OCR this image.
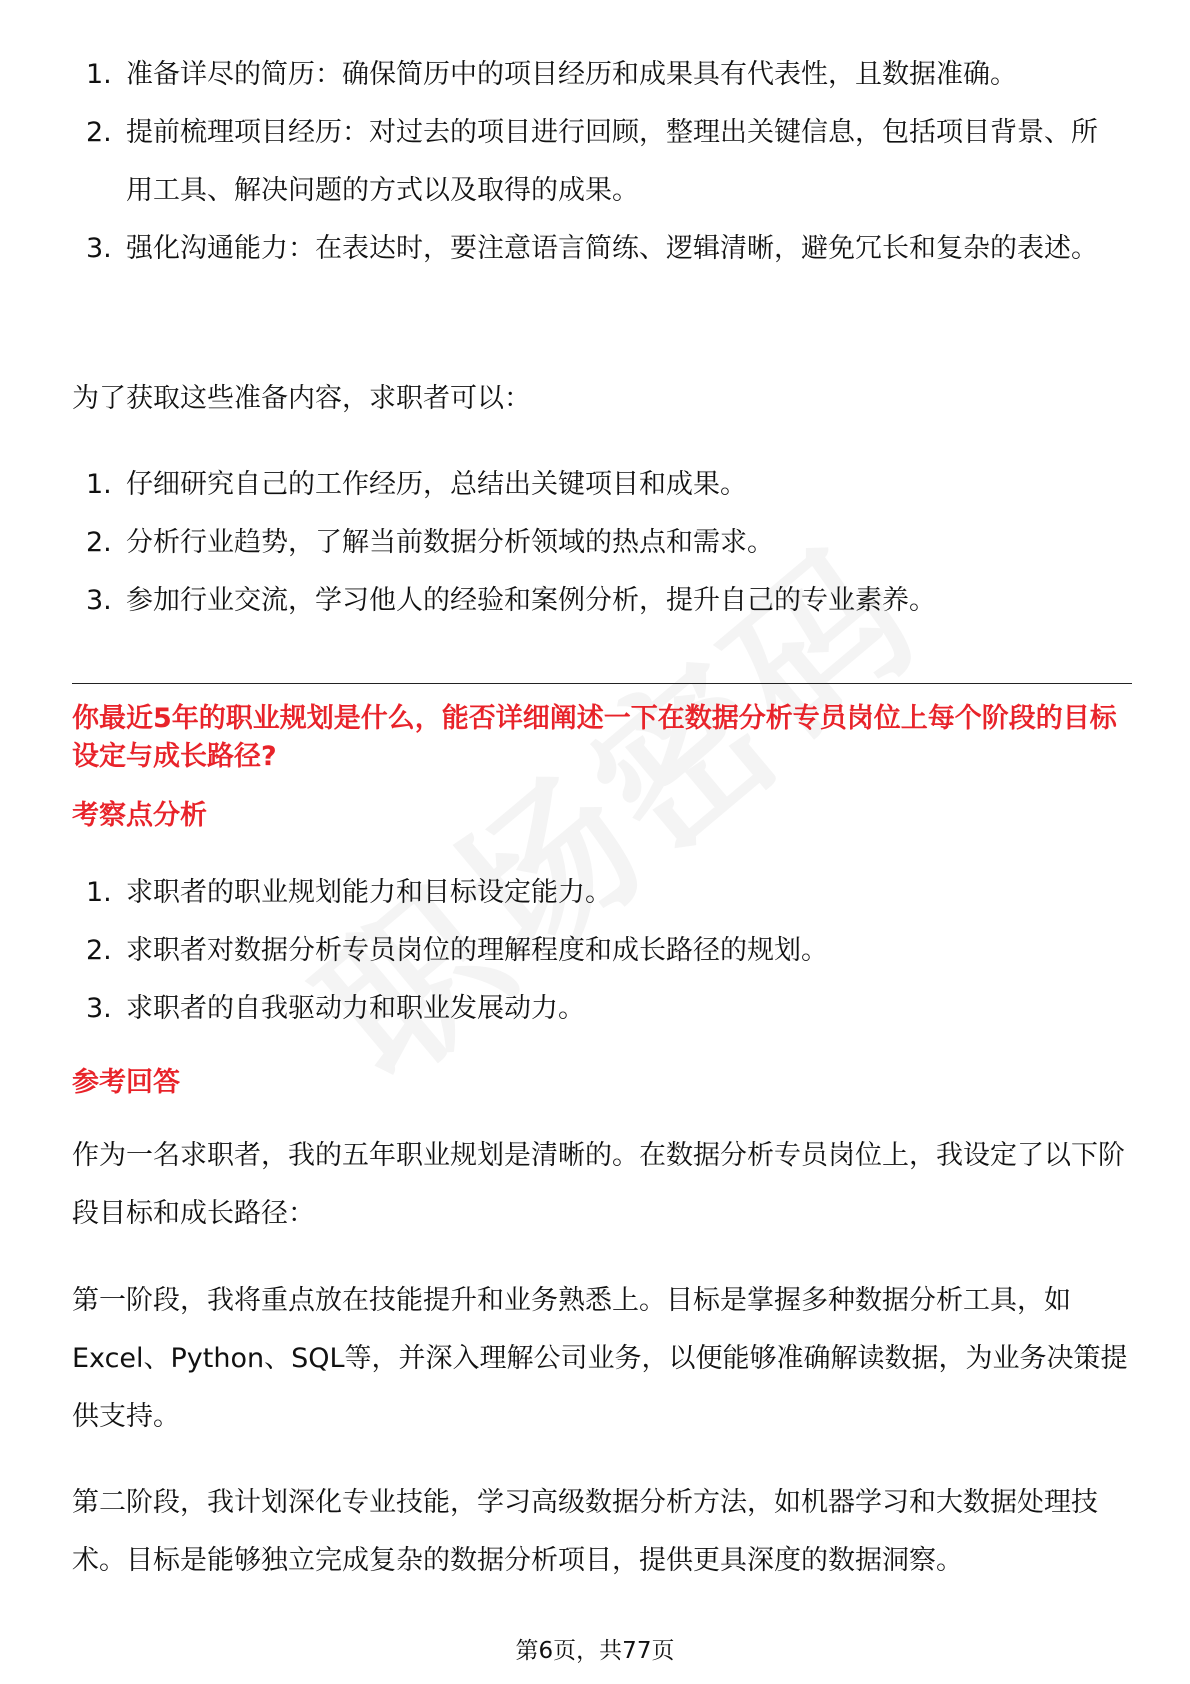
1. 准备详尽的简历：确保简历中的项目经历和成果具有代表性，且数据准确。
2. 提前梳理项目经历：对过去的项目进行回顾，整理出关键信息，包括项目背景、所用工具、解决问题的方式以及取得的成果。
3. 强化沟通能力：在表达时，要注意语言简练、逻辑清晰，避免冗长和复杂的表述。

为了获取这些准备内容，求职者可以：

1. 仔细研究自己的工作经历，总结出关键项目和成果。
2. 分析行业趋势，了解当前数据分析领域的热点和需求。
3. 参加行业交流，学习他人的经验和案例分析，提升自己的专业素养。

你最近5年的职业规划是什么，能否详细阐述一下在数据分析专员岗位上每个阶段的目标设定与成长路径?

考察点分析

1. 求职者的职业规划能力和目标设定能力。
2. 求职者对数据分析专员岗位的理解程度和成长路径的规划。
3. 求职者的自我驱动力和职业发展动力。

参考回答

作为一名求职者，我的五年职业规划是清晰的。在数据分析专员岗位上，我设定了以下阶段目标和成长路径：

第一阶段，我将重点放在技能提升和业务熟悉上。目标是掌握多种数据分析工具，如Excel、Python、SQL等，并深入理解公司业务，以便能够准确解读数据，为业务决策提供支持。

第二阶段，我计划深化专业技能，学习高级数据分析方法，如机器学习和大数据处理技术。目标是能够独立完成复杂的数据分析项目，提供更具深度的数据洞察。

第6页，共77页
